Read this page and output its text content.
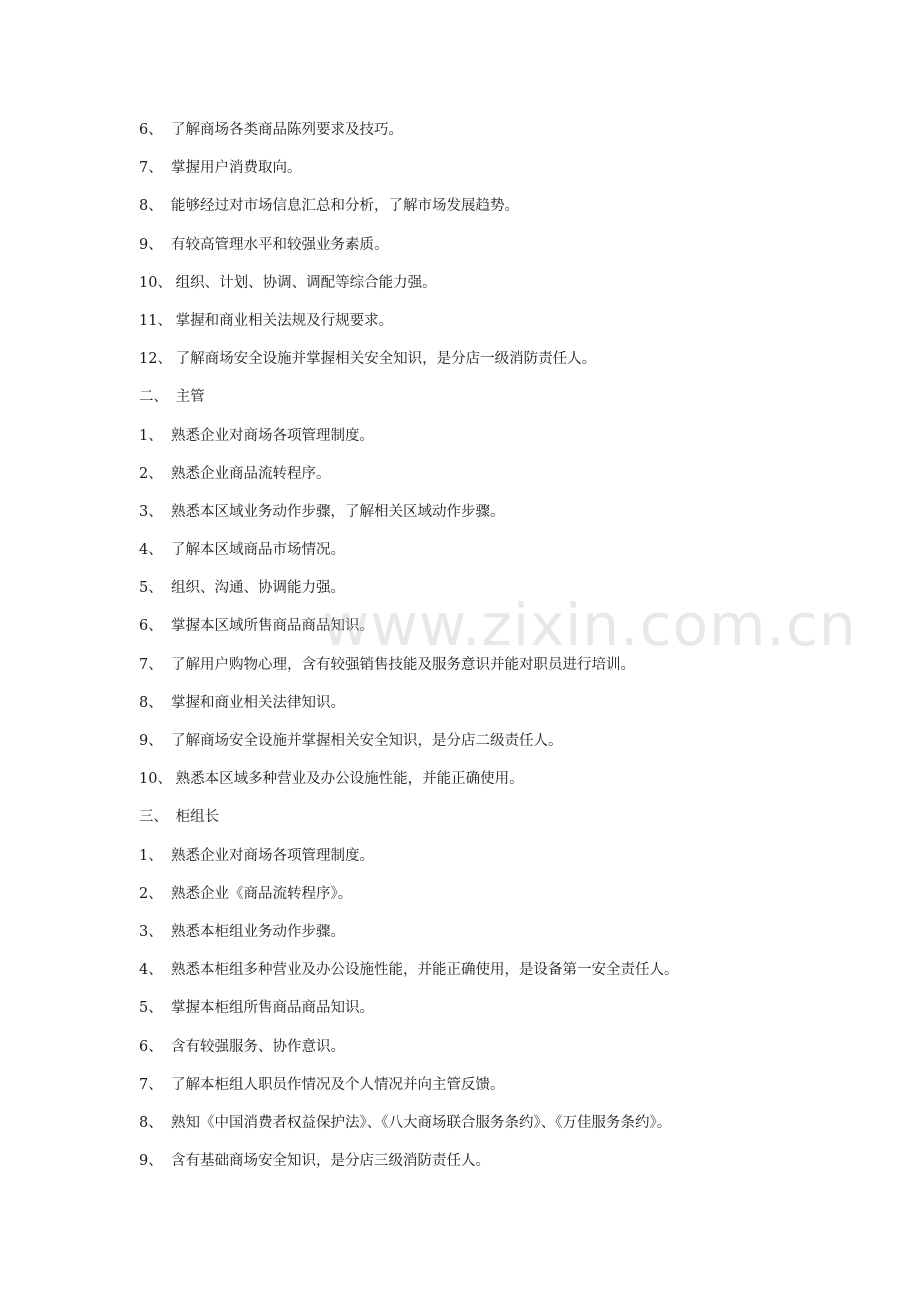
6、 了解商场各类商品陈列要求及技巧。
7、 掌握用户消费取向。
8、 能够经过对市场信息汇总和分析，了解市场发展趋势。
9、 有较高管理水平和较强业务素质。
10、 组织、计划、协调、调配等综合能力强。
11、 掌握和商业相关法规及行规要求。
12、 了解商场安全设施并掌握相关安全知识，是分店一级消防责任人。
二、 主管
1、 熟悉企业对商场各项管理制度。
2、 熟悉企业商品流转程序。
3、 熟悉本区域业务动作步骤，了解相关区域动作步骤。
4、 了解本区域商品市场情况。
5、 组织、沟通、协调能力强。
6、 掌握本区域所售商品商品知识。
7、 了解用户购物心理，含有较强销售技能及服务意识并能对职员进行培训。
8、 掌握和商业相关法律知识。
9、 了解商场安全设施并掌握相关安全知识，是分店二级责任人。
10、 熟悉本区域多种营业及办公设施性能，并能正确使用。
三、 柜组长
1、 熟悉企业对商场各项管理制度。
2、 熟悉企业《商品流转程序》。
3、 熟悉本柜组业务动作步骤。
4、 熟悉本柜组多种营业及办公设施性能，并能正确使用，是设备第一安全责任人。
5、 掌握本柜组所售商品商品知识。
6、 含有较强服务、协作意识。
7、 了解本柜组人职员作情况及个人情况并向主管反馈。
8、 熟知《中国消费者权益保护法》、《八大商场联合服务条约》、《万佳服务条约》。
9、 含有基础商场安全知识，是分店三级消防责任人。
www.zixin.com.cn
